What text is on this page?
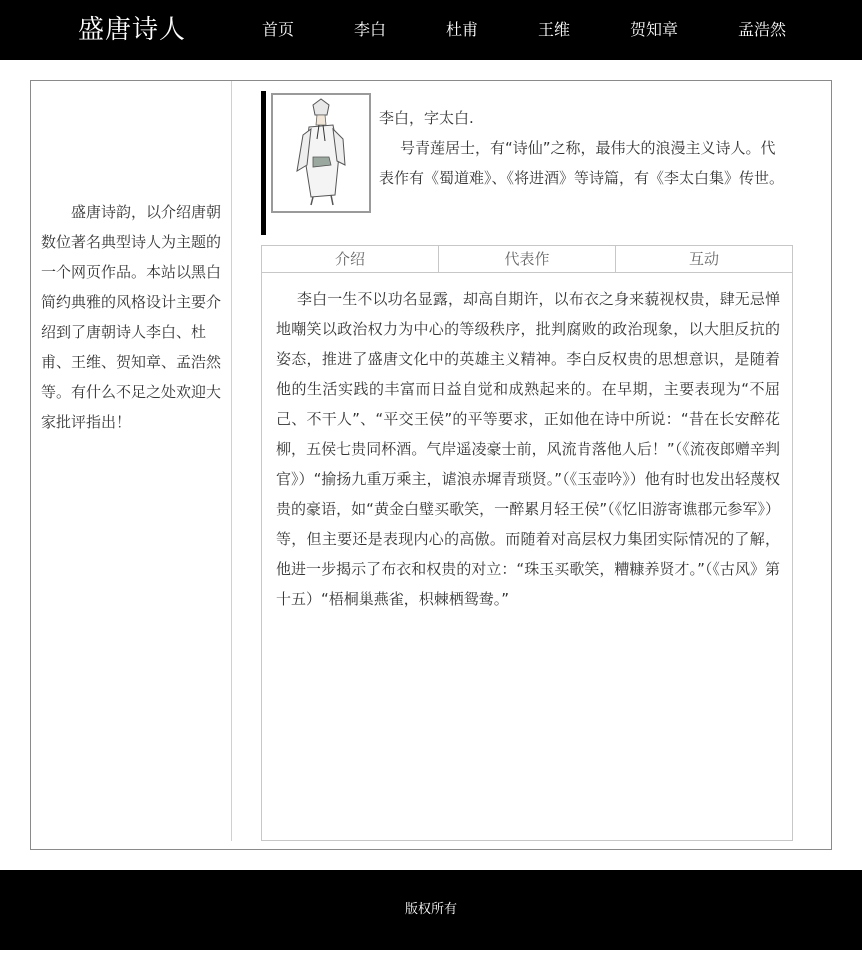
盛唐诗人	首页	李白	杜甫	王维	贺知章	孟浩然

盛唐诗韵，以介绍唐朝数位著名典型诗人为主题的一个网页作品。本站以黑白简约典雅的风格设计主要介绍到了唐朝诗人李白、杜甫、王维、贺知章、孟浩然等。有什么不足之处欢迎大家批评指出！

李白，字太白.

号青莲居士，有“诗仙”之称，最伟大的浪漫主义诗人。代表作有《蜀道难》、《将进酒》等诗篇，有《李太白集》传世。

介绍	代表作	互动

李白一生不以功名显露，却高自期许，以布衣之身来藐视权贵，肆无忌惮地嘲笑以政治权力为中心的等级秩序，批判腐败的政治现象，以大胆反抗的姿态，推进了盛唐文化中的英雄主义精神。李白反权贵的思想意识，是随着他的生活实践的丰富而日益自觉和成熟起来的。在早期，主要表现为“不屈己、不干人”、“平交王侯”的平等要求，正如他在诗中所说：“昔在长安醉花柳，五侯七贵同杯酒。气岸遥凌豪士前，风流肯落他人后！”（《流夜郎赠辛判官》）“揄扬九重万乘主，谑浪赤墀青琐贤。”（《玉壶吟》）他有时也发出轻蔑权贵的豪语，如“黄金白璧买歌笑，一醉累月轻王侯”（《忆旧游寄谯郡元参军》）等，但主要还是表现内心的高傲。而随着对高层权力集团实际情况的了解，他进一步揭示了布衣和权贵的对立：“珠玉买歌笑，糟糠养贤才。”（《古风》第十五）“梧桐巢燕雀，枳棘栖鸳鸯。”

版权所有
